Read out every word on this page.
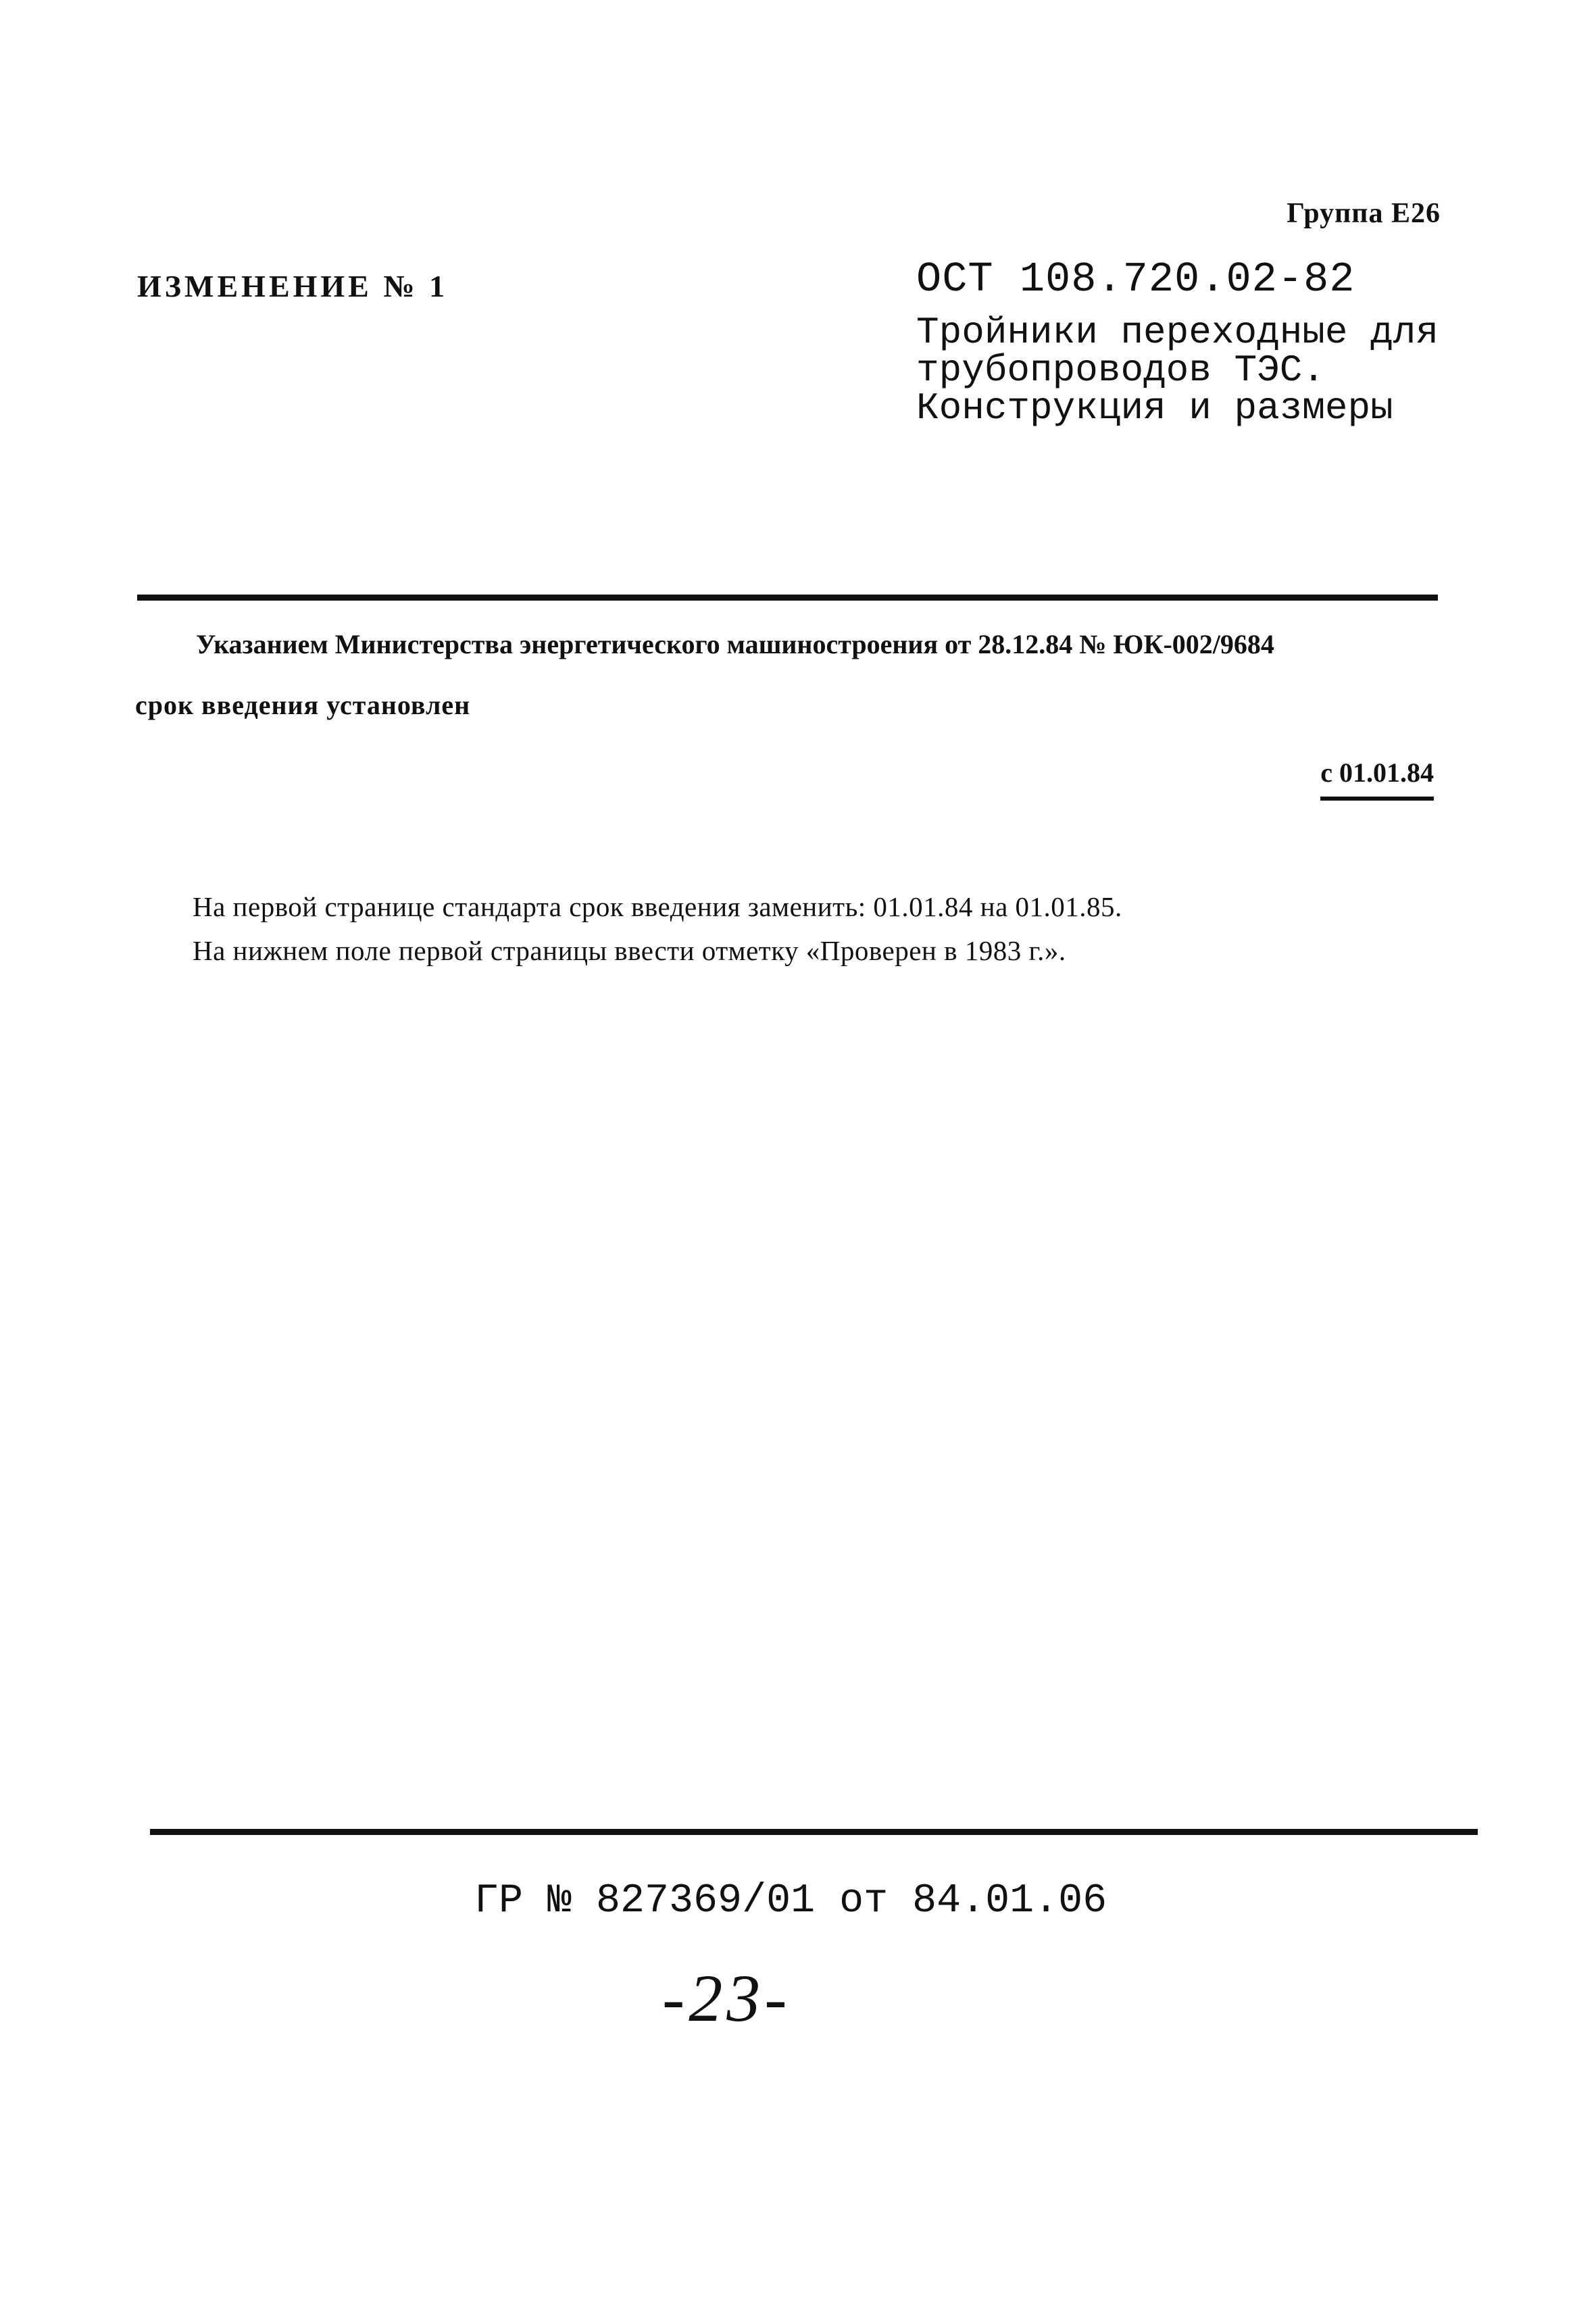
Группа Е26
ИЗМЕНЕНИЕ № 1	ОСТ 108.720.02-82
Тройники переходные для
трубопроводов ТЭС.
Конструкция и размеры
Указанием Министерства энергетического машиностроения от 28.12.84 № ЮК-002/9684
срок введения установлен
с 01.01.84
На первой странице стандарта срок введения заменить: 01.01.84 на 01.01.85.
На нижнем поле первой страницы ввести отметку «Проверен в 1983 г.».
ГР № 827369/01 от 84.01.06
-23-
